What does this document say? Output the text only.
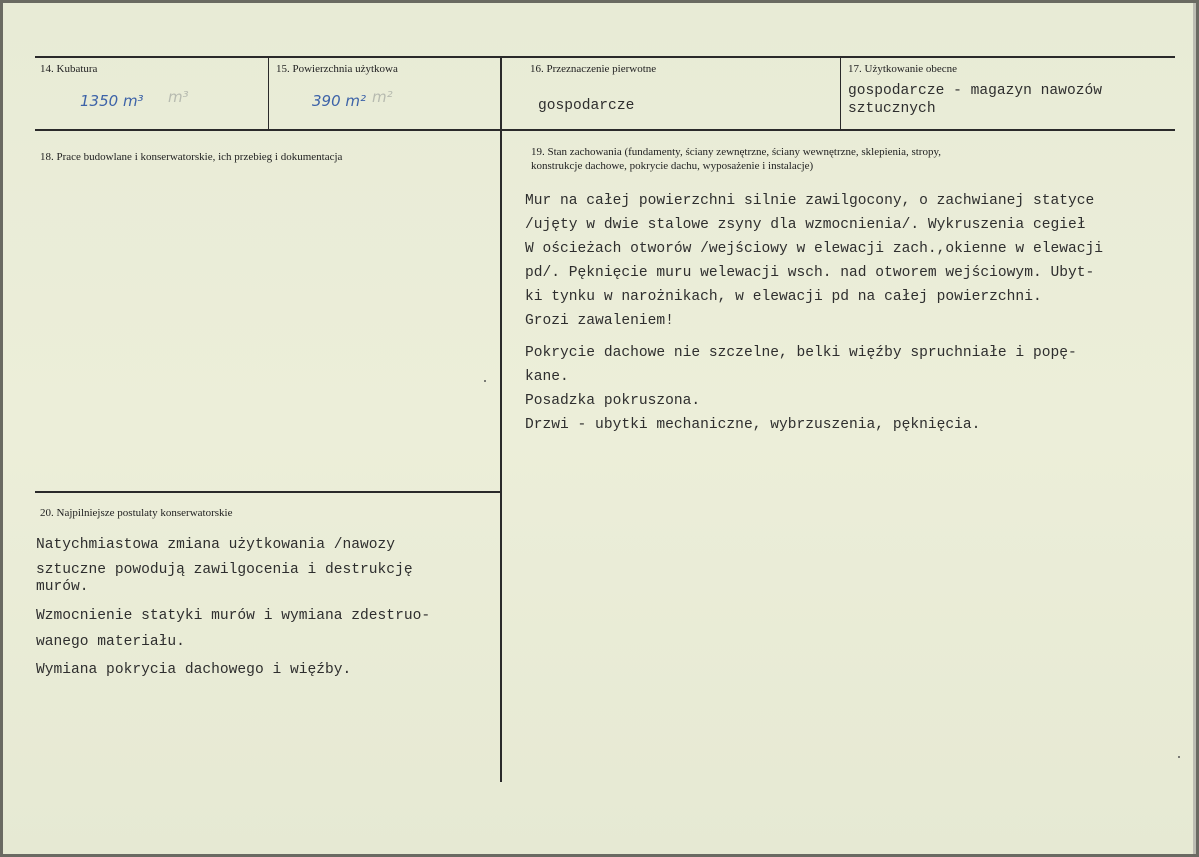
14. Kubatura
1350 m³ m³
15. Powierzchnia użytkowa
390 m² m²
16. Przeznaczenie pierwotne
gospodarcze
17. Użytkowanie obecne
gospodarcze - magazyn nawozów
sztucznych
18. Prace budowlane i konserwatorskie, ich przebieg i dokumentacja	19. Stan zachowania (fundamenty, ściany zewnętrzne, ściany wewnętrzne, sklepienia, stropy,
konstrukcje dachowe, pokrycie dachu, wyposażenie i instalacje)
Mur na całej powierzchni silnie zawilgocony, o zachwianej statyce
/ujęty w dwie stalowe zsyny dla wzmocnienia/. Wykruszenia cegieł
W ościeżach otworów /wejściowy w elewacji zach.,okienne w elewacji
pd/. Pęknięcie muru welewacji wsch. nad otworem wejściowym. Ubyt-
ki tynku w narożnikach, w elewacji pd na całej powierzchni.
Grozi zawaleniem!
Pokrycie dachowe nie szczelne, belki więźby spruchniałe i popę-
kane.
Posadzka pokruszona.
Drzwi - ubytki mechaniczne, wybrzuszenia, pęknięcia.
20. Najpilniejsze postulaty konserwatorskie
Natychmiastowa zmiana użytkowania /nawozy
sztuczne powodują zawilgocenia i destrukcję
murów.
Wzmocnienie statyki murów i wymiana zdestruo-
wanego materiału.
Wymiana pokrycia dachowego i więźby.
